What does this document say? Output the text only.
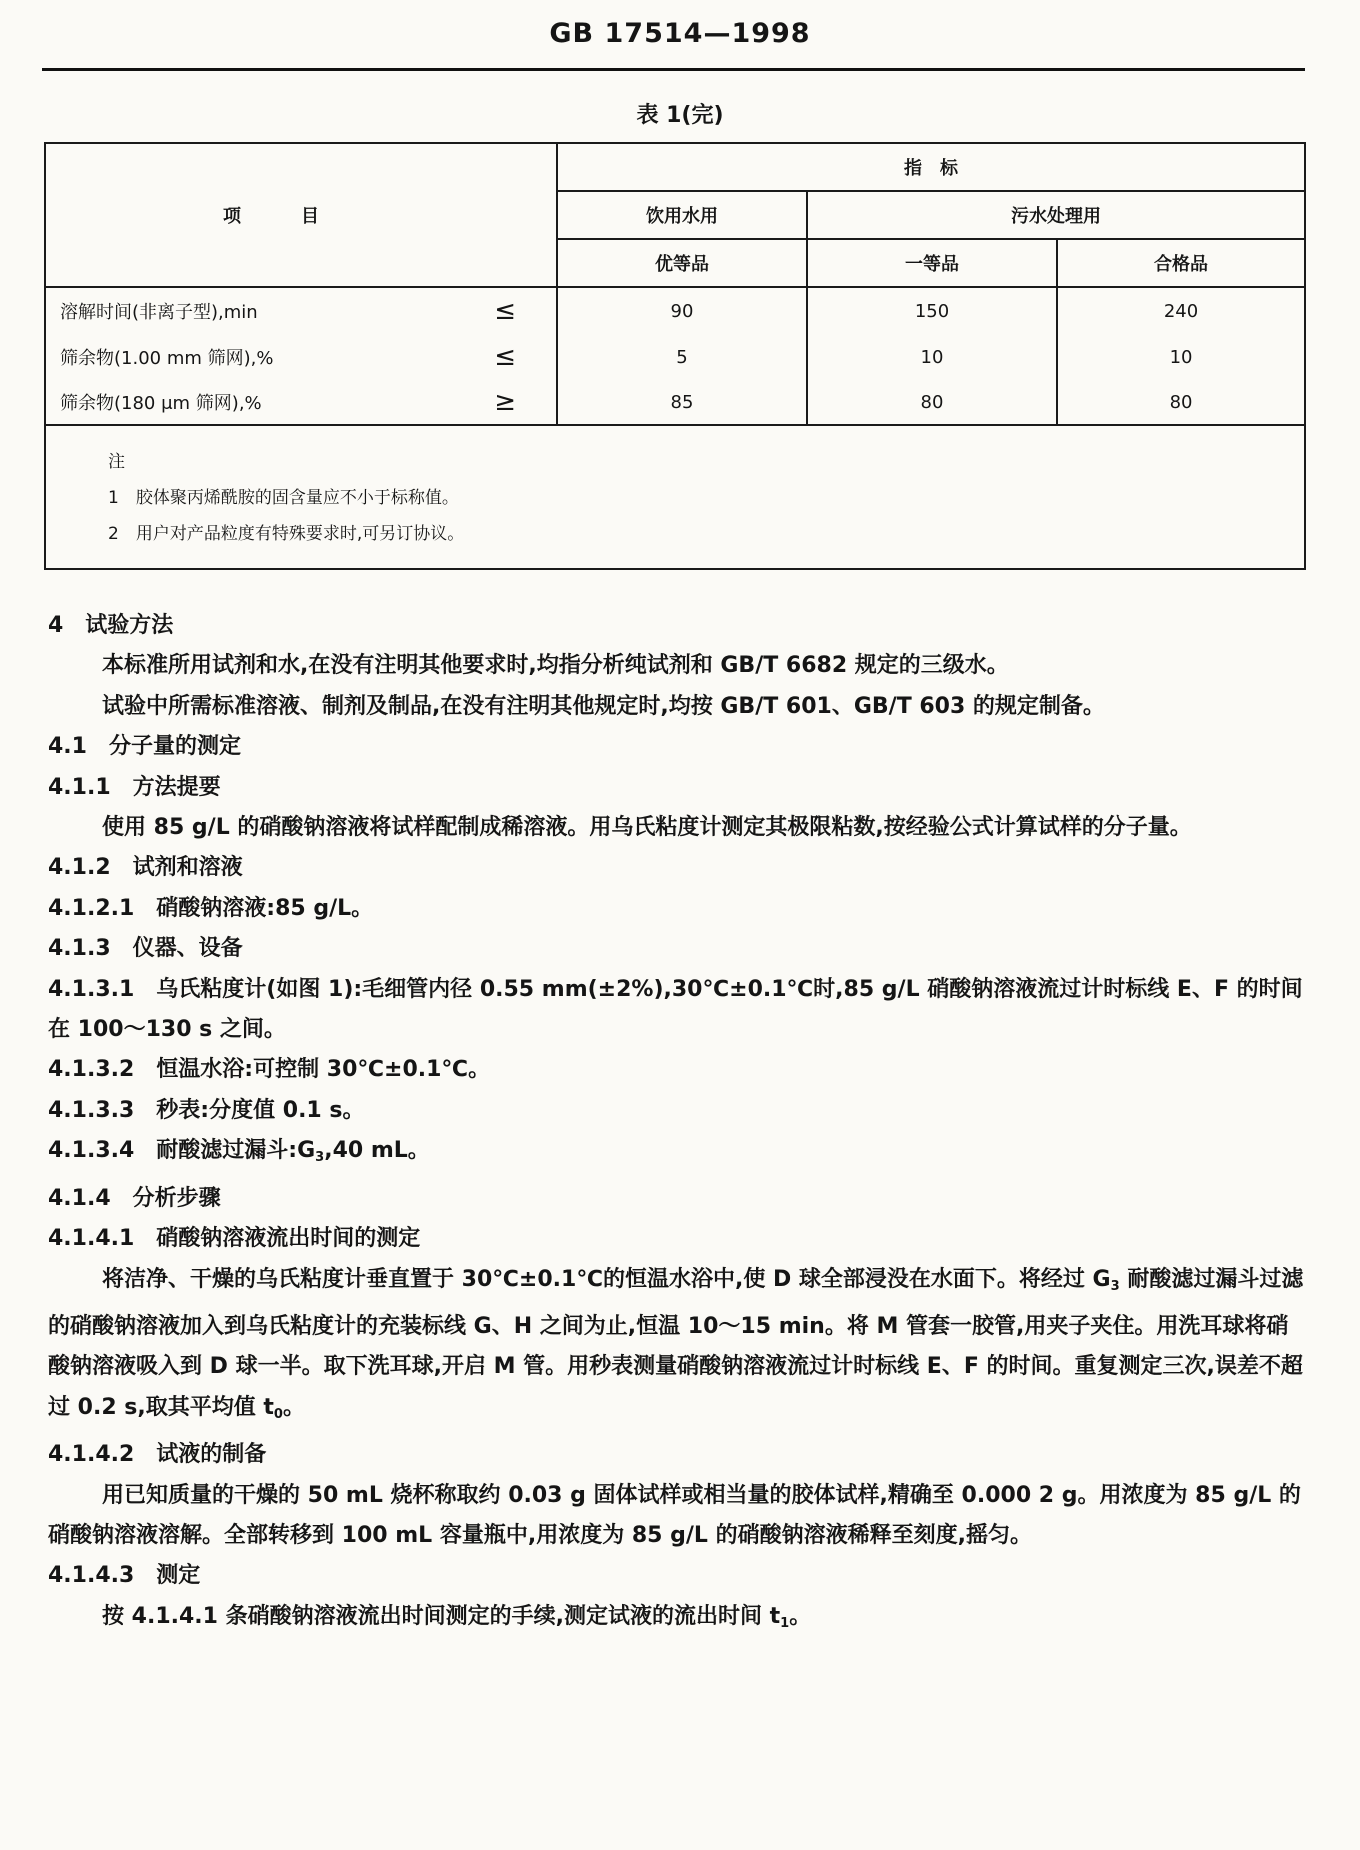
GB 17514—1998
表 1(完)
项目	指　标		
	饮用水用	污水处理用	
	优等品	一等品	合格品

溶解时间(非离子型),min ≤	90	150	240

筛余物(1.00 mm 筛网),% ≤	5	10	10

筛余物(180 μm 筛网),% ≥	85	80	80

注
1　胶体聚丙烯酰胺的固含量应不小于标称值。
2　用户对产品粒度有特殊要求时,可另订协议。			
4　试验方法
本标准所用试剂和水,在没有注明其他要求时,均指分析纯试剂和 GB/T 6682 规定的三级水。
试验中所需标准溶液、制剂及制品,在没有注明其他规定时,均按 GB/T 601、GB/T 603 的规定制备。
4.1　分子量的测定
4.1.1　方法提要
使用 85 g/L 的硝酸钠溶液将试样配制成稀溶液。用乌氏粘度计测定其极限粘数,按经验公式计算试样的分子量。
4.1.2　试剂和溶液
4.1.2.1　硝酸钠溶液:85 g/L。
4.1.3　仪器、设备
4.1.3.1　乌氏粘度计(如图 1):毛细管内径 0.55 mm(±2%),30℃±0.1℃时,85 g/L 硝酸钠溶液流过计时标线 E、F 的时间在 100～130 s 之间。
4.1.3.2　恒温水浴:可控制 30℃±0.1℃。
4.1.3.3　秒表:分度值 0.1 s。
4.1.3.4　耐酸滤过漏斗$:G_3,40$ mL。
4.1.4　分析步骤
4.1.4.1　硝酸钠溶液流出时间的测定
将洁净、干燥的乌氏粘度计垂直置于 30℃±0.1℃的恒温水浴中,使 D 球全部浸没在水面下。将经过 $G_3$ 耐酸滤过漏斗过滤的硝酸钠溶液加入到乌氏粘度计的充装标线 G、H 之间为止,恒温 10～15 min。将 M 管套一胶管,用夹子夹住。用洗耳球将硝酸钠溶液吸入到 D 球一半。取下洗耳球,开启 M 管。用秒表测量硝酸钠溶液流过计时标线 E、F 的时间。重复测定三次,误差不超过 0.2 s,取其平均值 $t_0$。
4.1.4.2　试液的制备
用已知质量的干燥的 50 mL 烧杯称取约 0.03 g 固体试样或相当量的胶体试样,精确至 0.000 2 g。用浓度为 85 g/L 的硝酸钠溶液溶解。全部转移到 100 mL 容量瓶中,用浓度为 85 g/L 的硝酸钠溶液稀释至刻度,摇匀。
4.1.4.3　测定
按 4.1.4.1 条硝酸钠溶液流出时间测定的手续,测定试液的流出时间 $t_1$。
